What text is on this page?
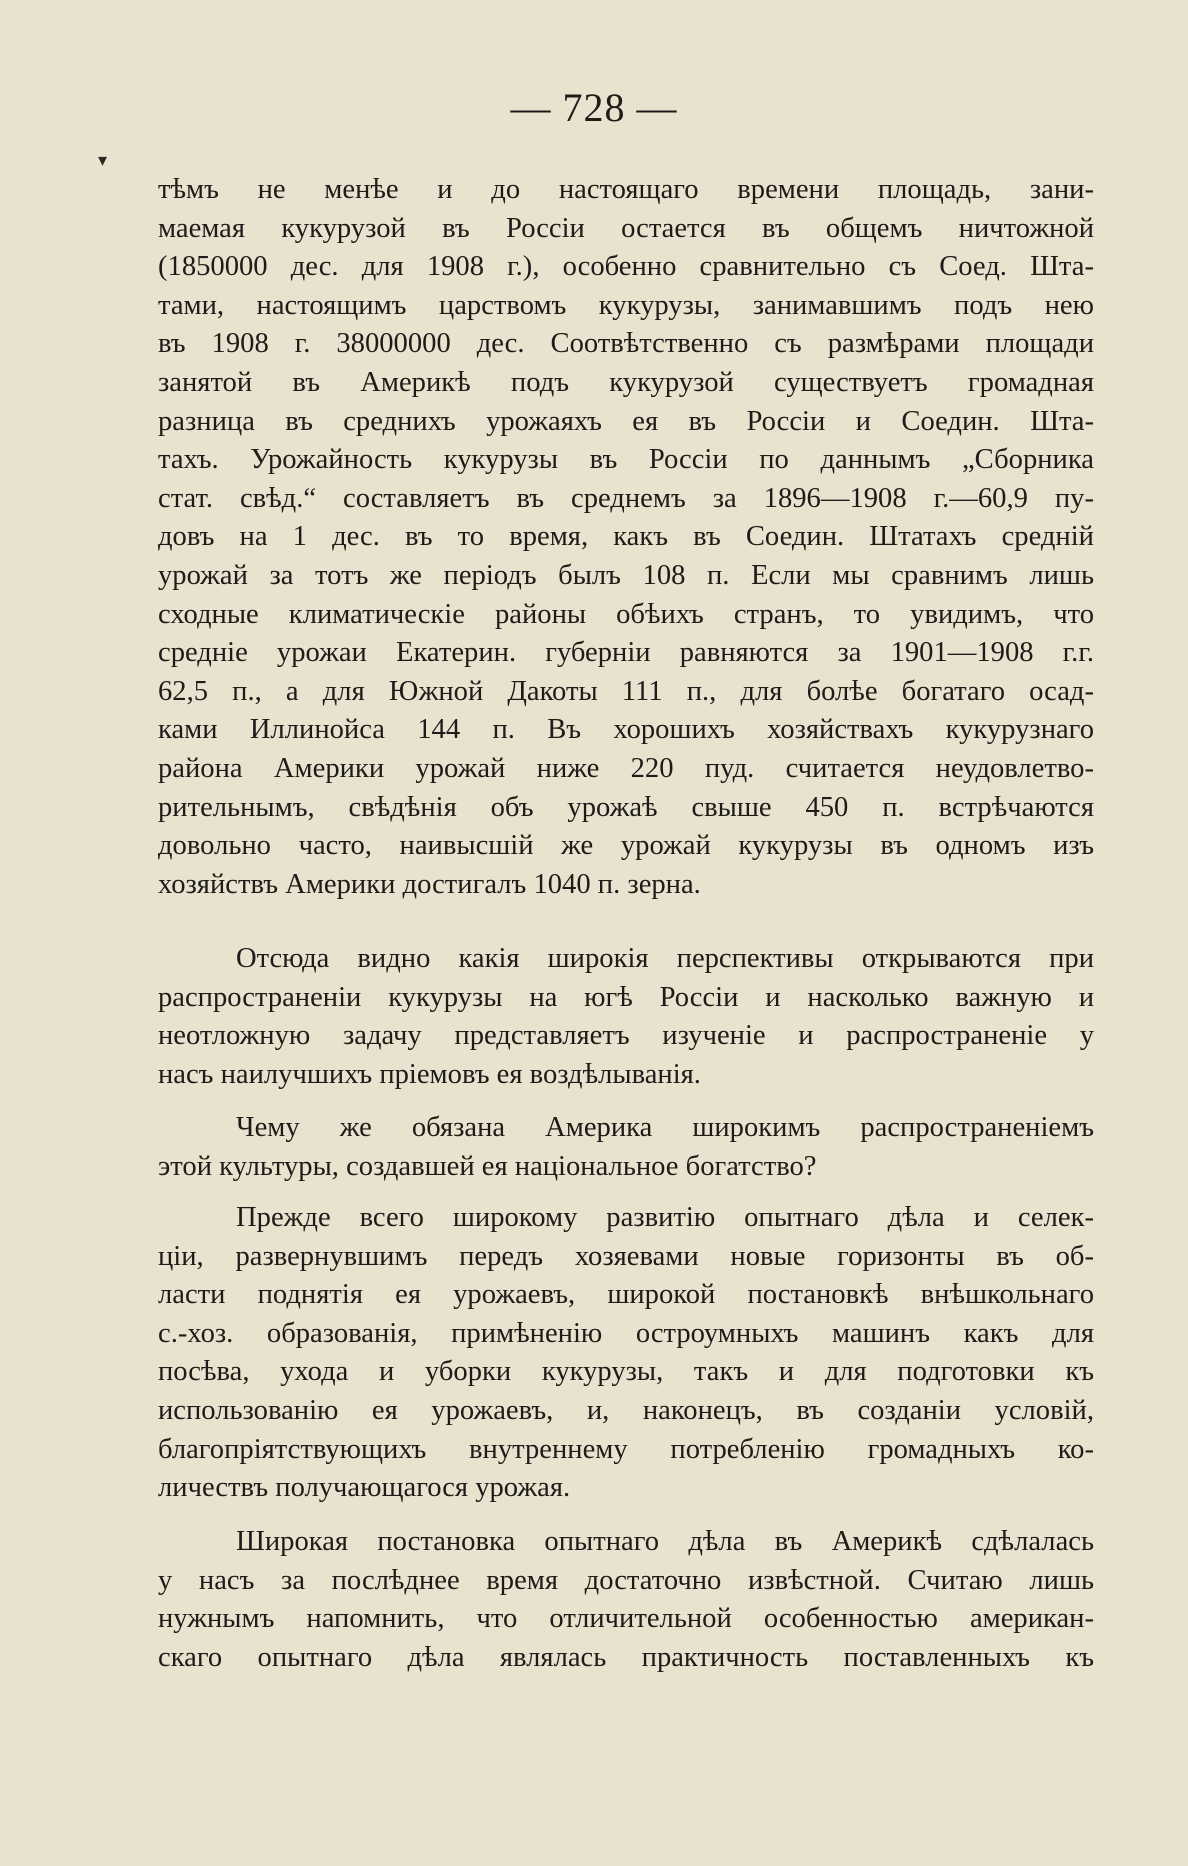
— 728 —
▾
тѣмъ не менѣе и до настоящаго времени площадь, зани-
маемая кукурузой въ Россіи остается въ общемъ ничтожной
(1850000 дес. для 1908 г.), особенно сравнительно съ Соед. Шта-
тами, настоящимъ царствомъ кукурузы, занимавшимъ подъ нею
въ 1908 г. 38000000 дес. Соотвѣтственно съ размѣрами площади
занятой въ Америкѣ подъ кукурузой существуетъ громадная
разница въ среднихъ урожаяхъ ея въ Россіи и Соедин. Шта-
тахъ. Урожайность кукурузы въ Россіи по даннымъ „Сборника
стат. свѣд.“ составляетъ въ среднемъ за 1896—1908 г.—60,9 пу-
довъ на 1 дес. въ то время, какъ въ Соедин. Штатахъ средній
урожай за тотъ же періодъ былъ 108 п. Если мы сравнимъ лишь
сходные климатическіе районы обѣихъ странъ, то увидимъ, что
средніе урожаи Екатерин. губерніи равняются за 1901—1908 г.г.
62,5 п., а для Южной Дакоты 111 п., для болѣе богатаго осад-
ками Иллинойса 144 п. Въ хорошихъ хозяйствахъ кукурузнаго
района Америки урожай ниже 220 пуд. считается неудовлетво-
рительнымъ, свѣдѣнія объ урожаѣ свыше 450 п. встрѣчаются
довольно часто, наивысшій же урожай кукурузы въ одномъ изъ
хозяйствъ Америки достигалъ 1040 п. зерна.
Отсюда видно какія широкія перспективы открываются при
распространеніи кукурузы на югѣ Россіи и насколько важную и
неотложную задачу представляетъ изученіе и распространеніе у
насъ наилучшихъ пріемовъ ея воздѣлыванія.
Чему же обязана Америка широкимъ распространеніемъ
этой культуры, создавшей ея національное богатство?
Прежде всего широкому развитію опытнаго дѣла и селек-
ціи, развернувшимъ передъ хозяевами новые горизонты въ об-
ласти поднятія ея урожаевъ, широкой постановкѣ внѣшкольнаго
с.-хоз. образованія, примѣненію остроумныхъ машинъ какъ для
посѣва, ухода и уборки кукурузы, такъ и для подготовки къ
использованію ея урожаевъ, и, наконецъ, въ созданіи условій,
благопріятствующихъ внутреннему потребленію громадныхъ ко-
личествъ получающагося урожая.
Широкая постановка опытнаго дѣла въ Америкѣ сдѣлалась
у насъ за послѣднее время достаточно извѣстной. Считаю лишь
нужнымъ напомнить, что отличительной особенностью американ-
скаго опытнаго дѣла являлась практичность поставленныхъ къ
